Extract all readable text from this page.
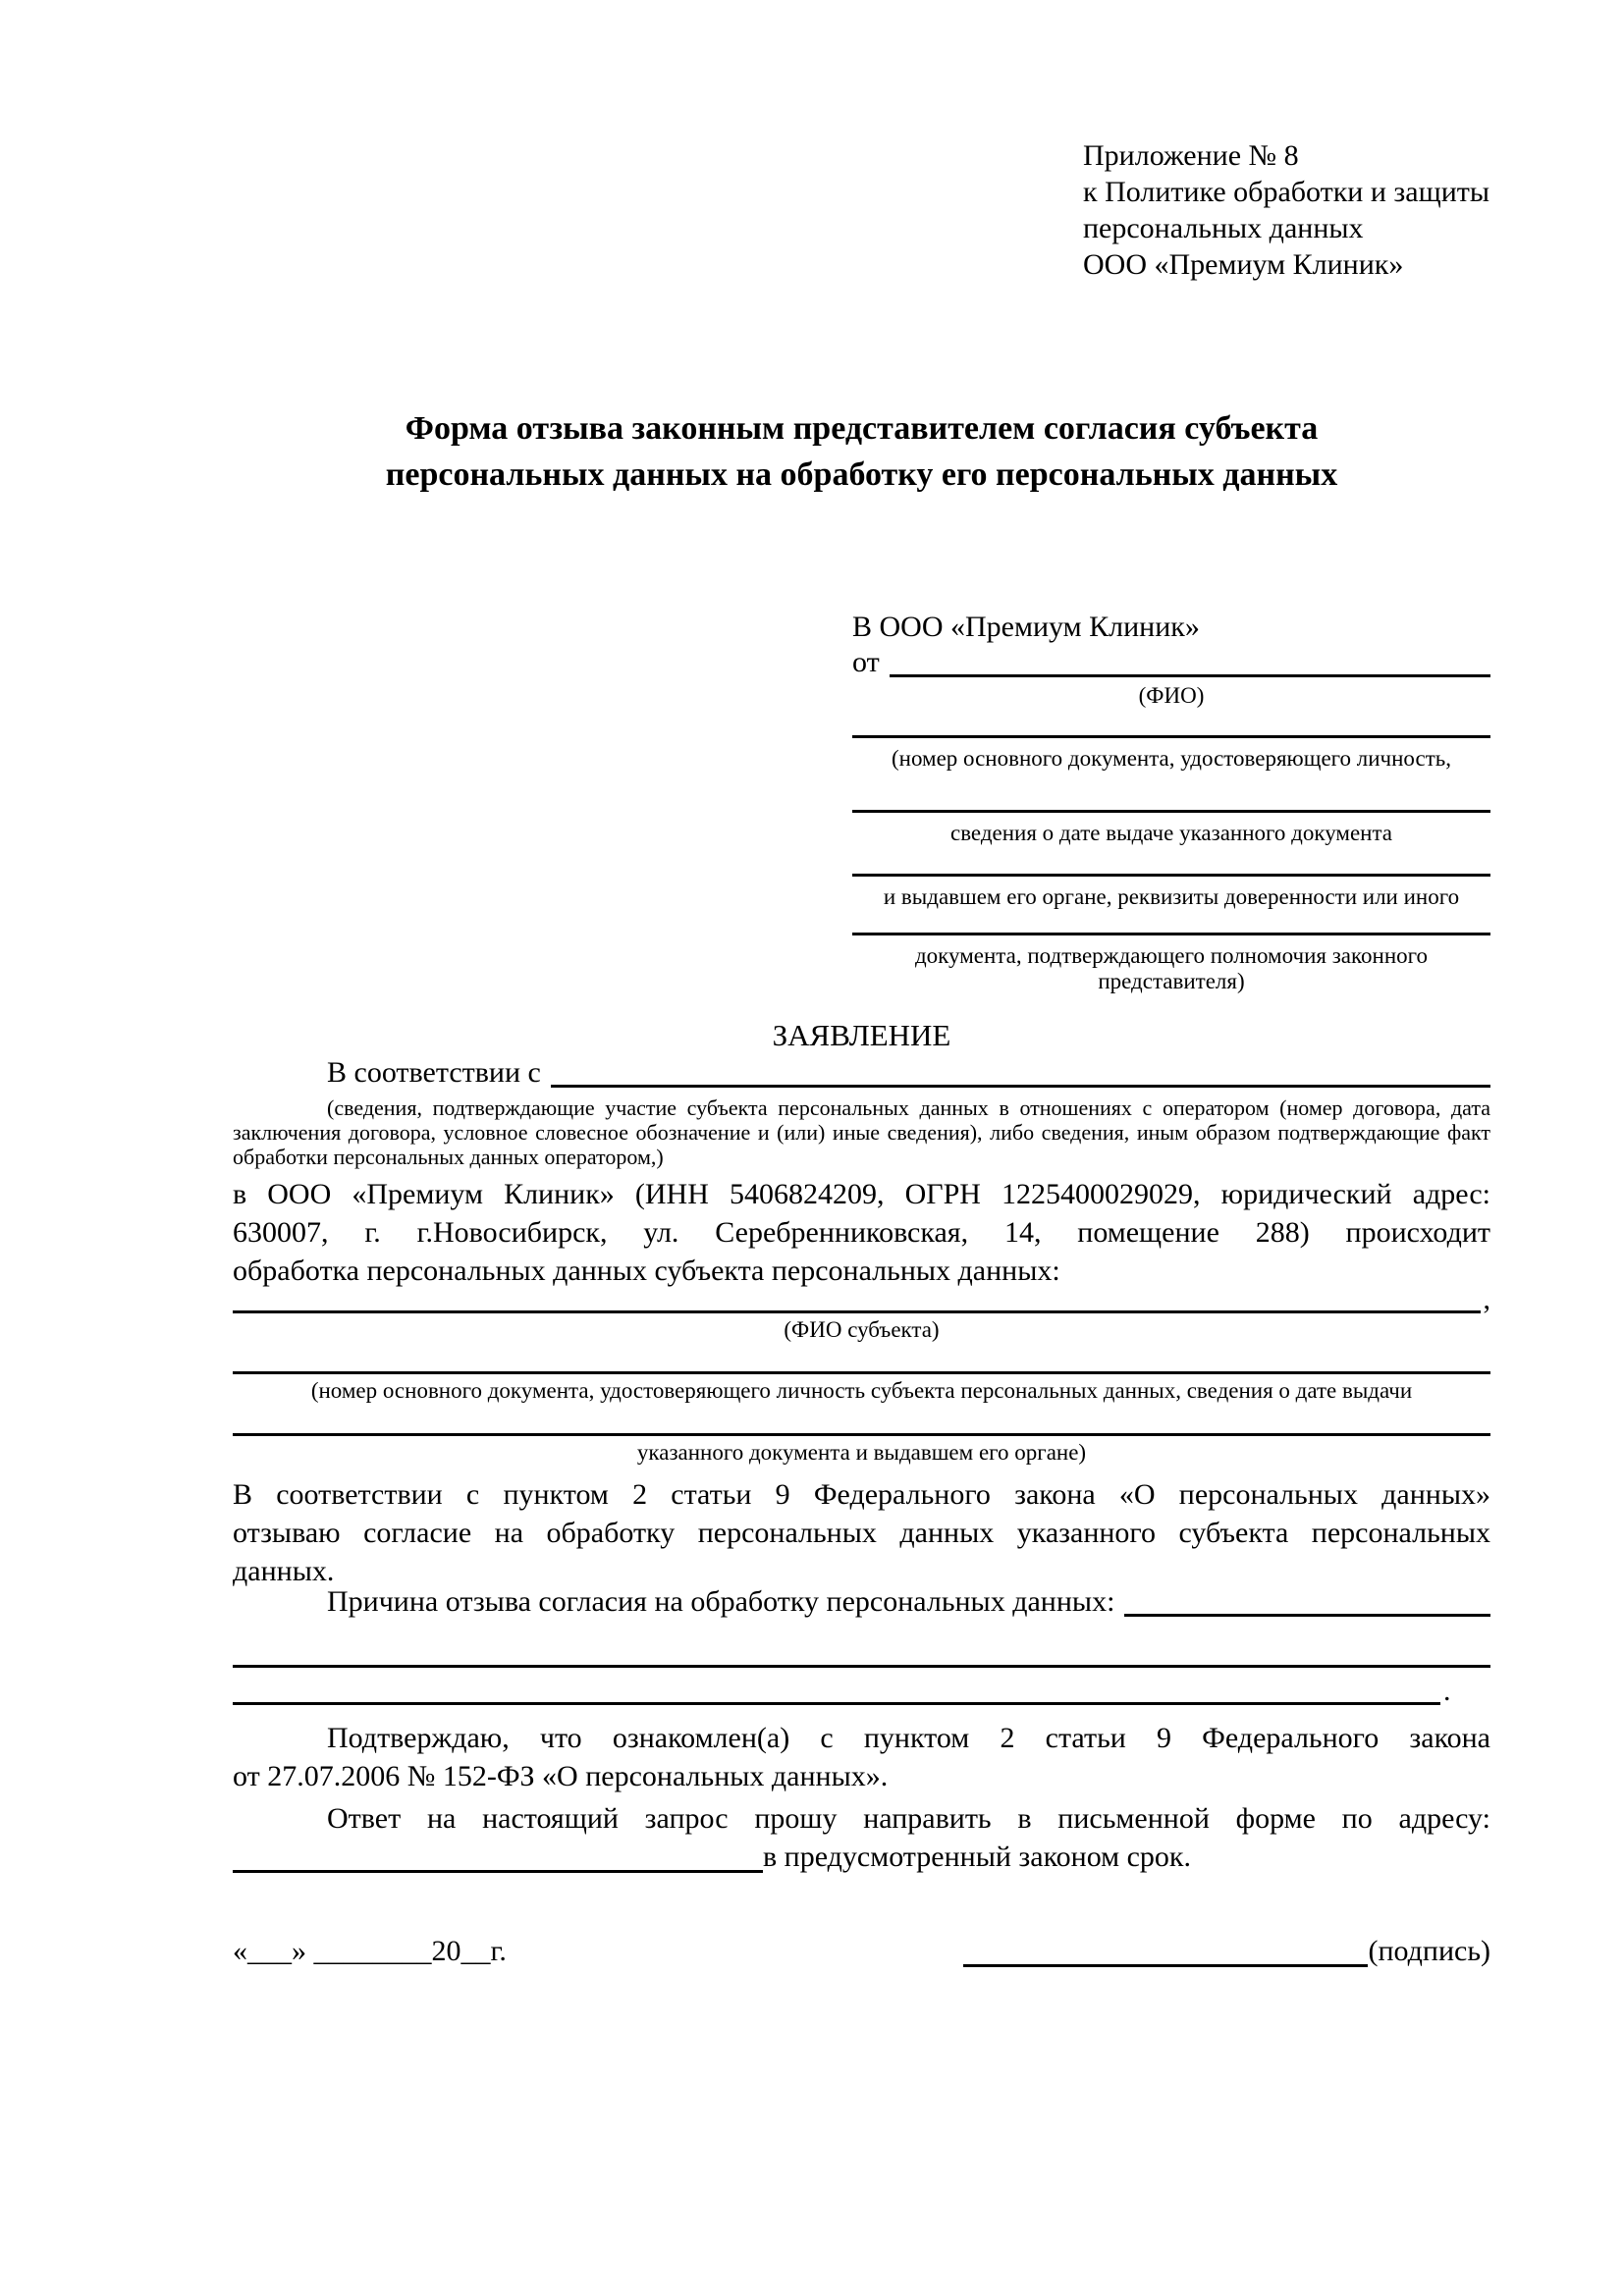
Приложение № 8
к Политике обработки и защиты
персональных данных
ООО «Премиум Клиник»
Форма отзыва законным представителем согласия субъекта
персональных данных на обработку его персональных данных
В ООО «Премиум Клиник»
от
(ФИО)
(номер основного документа, удостоверяющего личность,
сведения о дате выдаче указанного документа
и выдавшем его органе, реквизиты доверенности или иного
документа, подтверждающего полномочия законного представителя)
ЗАЯВЛЕНИЕ
В соответствии с
(сведения, подтверждающие участие субъекта персональных данных в отношениях с оператором (номер договора, дата
заключения договора, условное словесное обозначение и (или) иные сведения), либо сведения, иным образом подтверждающие факт
обработки персональных данных оператором,)
в ООО «Премиум Клиник» (ИНН 5406824209, ОГРН 1225400029029, юридический адрес:
630007, г. г.Новосибирск, ул. Серебренниковская, 14, помещение 288) происходит
обработка персональных данных субъекта персональных данных:
,
(ФИО субъекта)
(номер основного документа, удостоверяющего личность субъекта персональных данных, сведения о дате выдачи
указанного документа и выдавшем его органе)
В соответствии с пунктом 2 статьи 9 Федерального закона «О персональных данных»
отзываю согласие на обработку персональных данных указанного субъекта персональных
данных.
Причина отзыва согласия на обработку персональных данных:
.
Подтверждаю, что ознакомлен(а) с пунктом 2 статьи 9 Федерального закона
от 27.07.2006 № 152-ФЗ «О персональных данных».
Ответ на настоящий запрос прошу направить в письменной форме по адресу: в предусмотренный законом срок.
«___» ________20__г.	(подпись)
